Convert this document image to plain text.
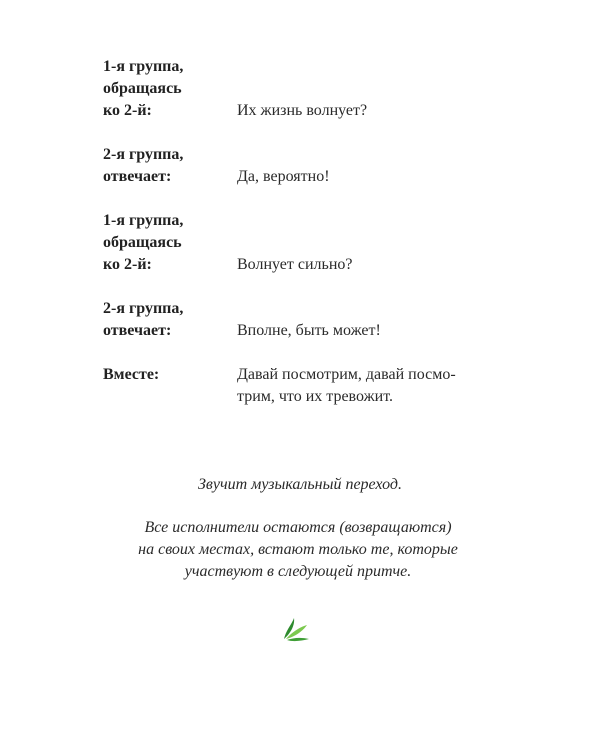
1-я группа,
обращаясь
ко 2-й:	Их жизнь волнует?
2-я группа,
отвечает:	Да, вероятно!
1-я группа,
обращаясь
ко 2-й:	Волнует сильно?
2-я группа,
отвечает:	Вполне, быть может!
Вместе:	Давай посмотрим, давай посмо-
трим, что их тревожит.
Звучит музыкальный переход.
Все исполнители остаются (возвращаются)
на своих местах, встают только те, которые
участвуют в следующей притче.
